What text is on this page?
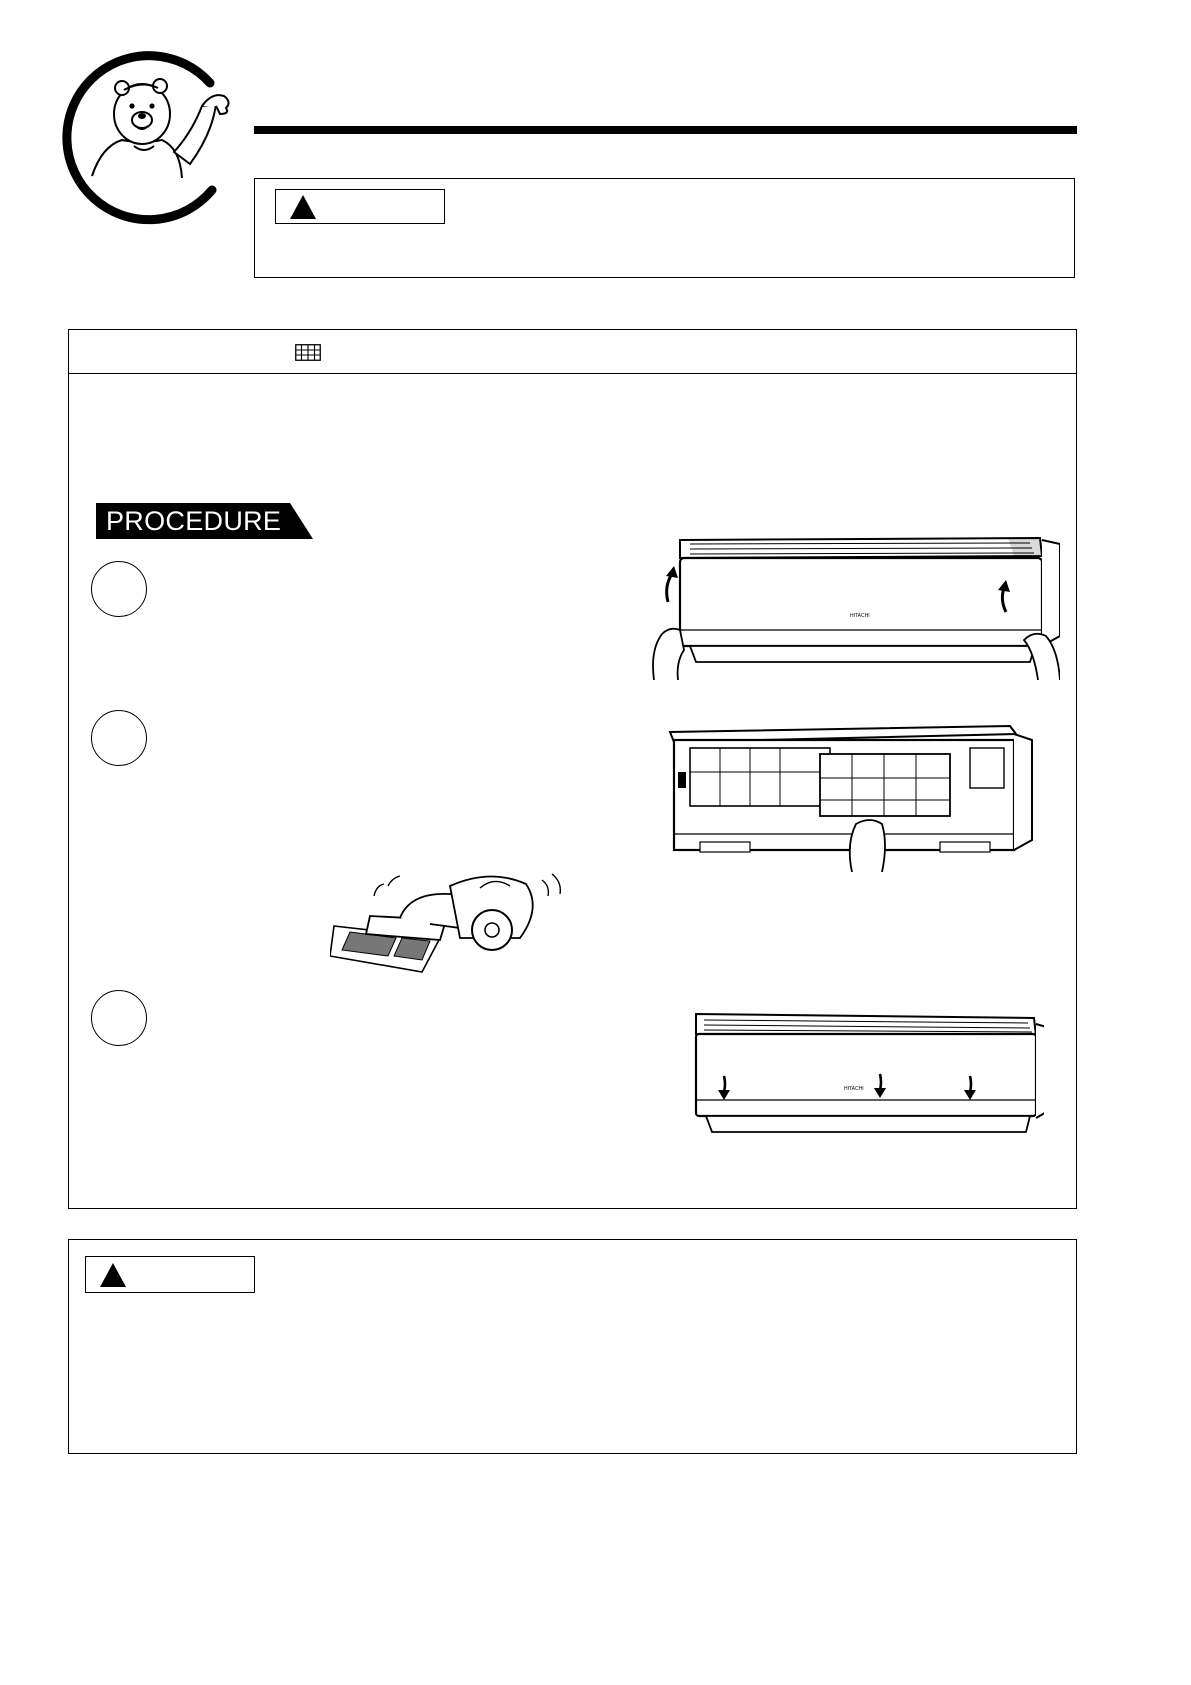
PROCEDURE
HITACHI
HITACHI
